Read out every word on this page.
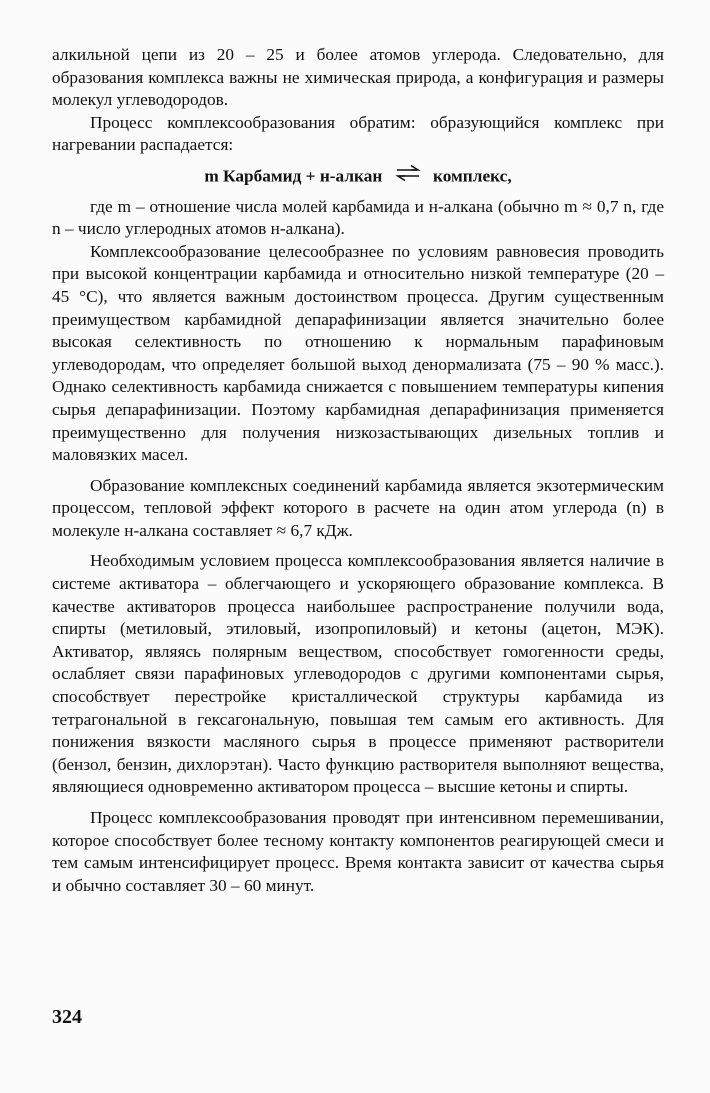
алкильной цепи из 20 – 25 и более атомов углерода. Следовательно, для образования комплекса важны не химическая природа, а конфигурация и размеры молекул углеводородов.

Процесс комплексообразования обратим: образующийся комплекс при нагревании распадается:

m Карбамид + н-алкан ⇌ комплекс,

где m – отношение числа молей карбамида и н-алкана (обычно m ≈ 0,7 n, где n – число углеродных атомов н-алкана).

Комплексообразование целесообразнее по условиям равновесия проводить при высокой концентрации карбамида и относительно низкой температуре (20 – 45 °С), что является важным достоинством процесса. Другим существенным преимуществом карбамидной депарафинизации является значительно более высокая селективность по отношению к нормальным парафиновым углеводородам, что определяет большой выход денормализата (75 – 90 % масс.). Однако селективность карбамида снижается с повышением температуры кипения сырья депарафинизации. Поэтому карбамидная депарафинизация применяется преимущественно для получения низкозастывающих дизельных топлив и маловязких масел.

Образование комплексных соединений карбамида является экзотермическим процессом, тепловой эффект которого в расчете на один атом углерода (n) в молекуле н-алкана составляет ≈ 6,7 кДж.

Необходимым условием процесса комплексообразования является наличие в системе активатора – облегчающего и ускоряющего образование комплекса. В качестве активаторов процесса наибольшее распространение получили вода, спирты (метиловый, этиловый, изопропиловый) и кетоны (ацетон, МЭК). Активатор, являясь полярным веществом, способствует гомогенности среды, ослабляет связи парафиновых углеводородов с другими компонентами сырья, способствует перестройке кристаллической структуры карбамида из тетрагональной в гексагональную, повышая тем самым его активность. Для понижения вязкости масляного сырья в процессе применяют растворители (бензол, бензин, дихлорэтан). Часто функцию растворителя выполняют вещества, являющиеся одновременно активатором процесса – высшие кетоны и спирты.

Процесс комплексообразования проводят при интенсивном перемешивании, которое способствует более тесному контакту компонентов реагирующей смеси и тем самым интенсифицирует процесс. Время контакта зависит от качества сырья и обычно составляет 30 – 60 минут.

324
